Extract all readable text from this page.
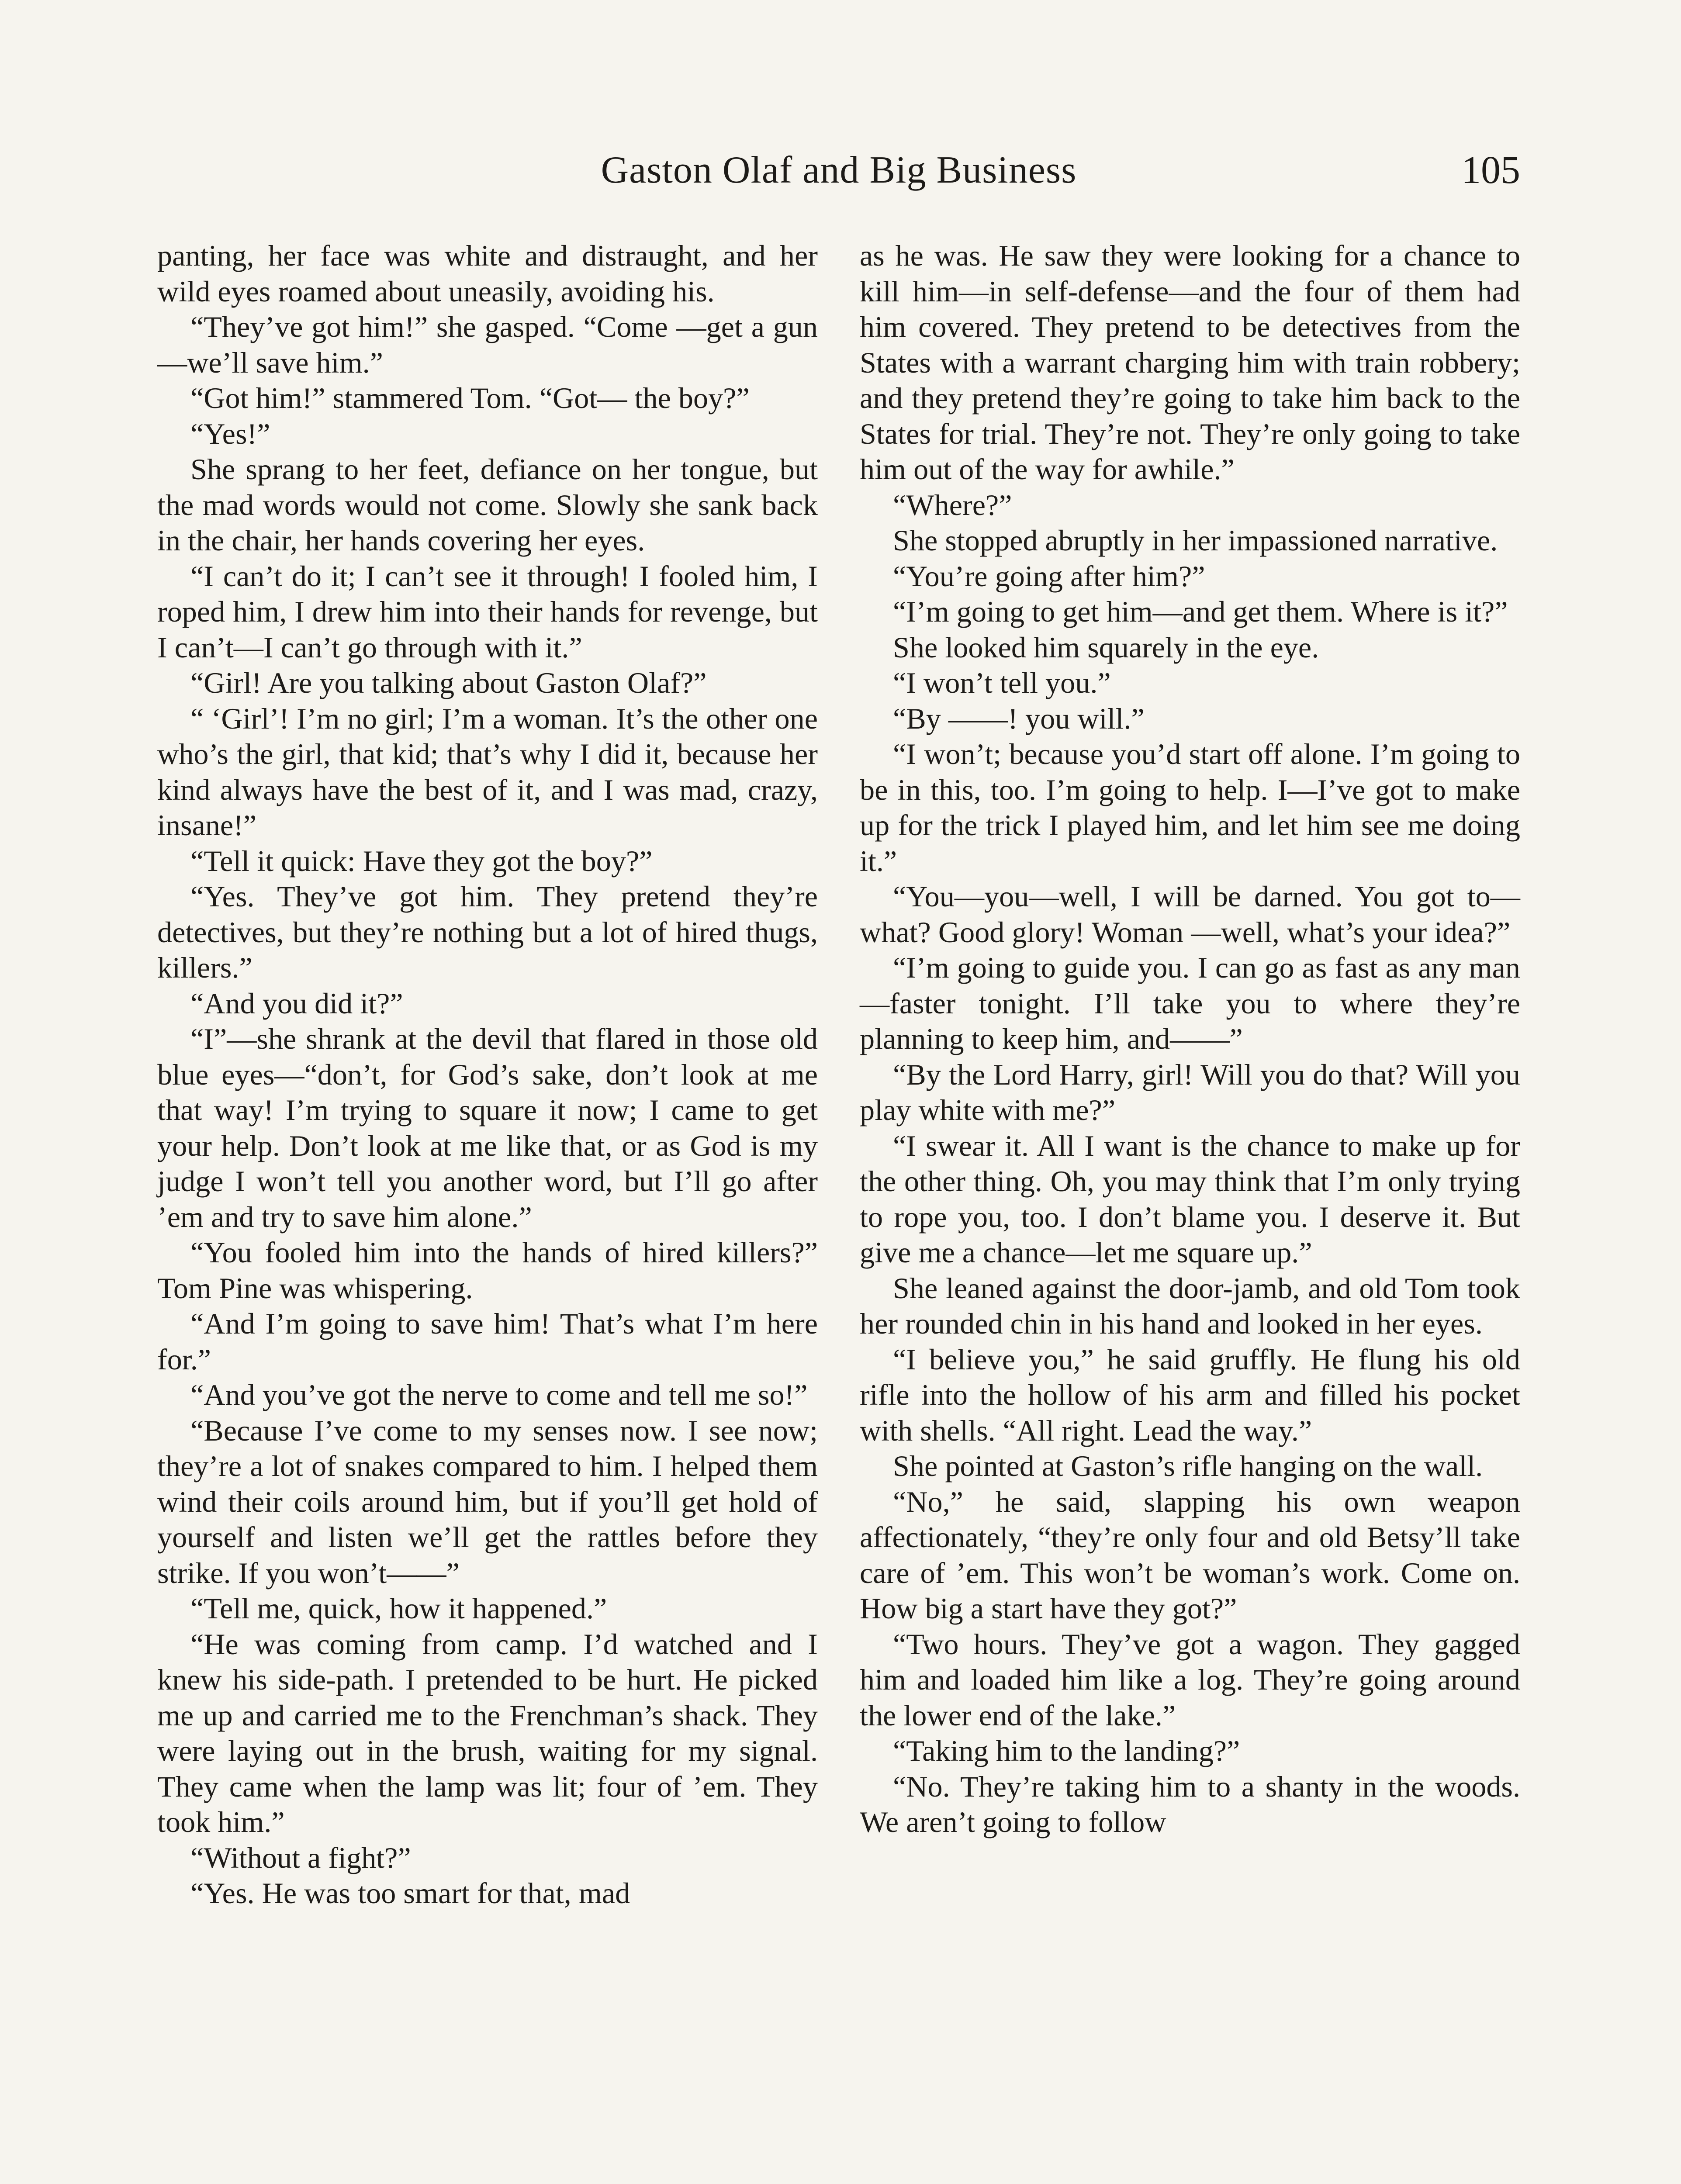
Gaston Olaf and Big Business	105

panting, her face was white and distraught, and her wild eyes roamed about uneasily, avoiding his.

“They’ve got him!” she gasped. “Come —get a gun—we’ll save him.”

“Got him!” stammered Tom. “Got— the boy?”

“Yes!”

She sprang to her feet, defiance on her tongue, but the mad words would not come. Slowly she sank back in the chair, her hands covering her eyes.

“I can’t do it; I can’t see it through! I fooled him, I roped him, I drew him into their hands for revenge, but I can’t—I can’t go through with it.”

“Girl! Are you talking about Gaston Olaf?”

“ ‘Girl’! I’m no girl; I’m a woman. It’s the other one who’s the girl, that kid; that’s why I did it, because her kind always have the best of it, and I was mad, crazy, insane!”

“Tell it quick: Have they got the boy?”

“Yes. They’ve got him. They pretend they’re detectives, but they’re nothing but a lot of hired thugs, killers.”

“And you did it?”

“I”—she shrank at the devil that flared in those old blue eyes—“don’t, for God’s sake, don’t look at me that way! I’m trying to square it now; I came to get your help. Don’t look at me like that, or as God is my judge I won’t tell you another word, but I’ll go after ’em and try to save him alone.”

“You fooled him into the hands of hired killers?” Tom Pine was whispering.

“And I’m going to save him! That’s what I’m here for.”

“And you’ve got the nerve to come and tell me so!”

“Because I’ve come to my senses now. I see now; they’re a lot of snakes compared to him. I helped them wind their coils around him, but if you’ll get hold of yourself and listen we’ll get the rattles before they strike. If you won’t——”

“Tell me, quick, how it happened.”

“He was coming from camp. I’d watched and I knew his side-path. I pretended to be hurt. He picked me up and carried me to the Frenchman’s shack. They were laying out in the brush, waiting for my signal. They came when the lamp was lit; four of ’em. They took him.”

“Without a fight?”

“Yes. He was too smart for that, mad

as he was. He saw they were looking for a chance to kill him—in self-defense—and the four of them had him covered. They pretend to be detectives from the States with a warrant charging him with train robbery; and they pretend they’re going to take him back to the States for trial. They’re not. They’re only going to take him out of the way for awhile.”

“Where?”

She stopped abruptly in her impassioned narrative.

“You’re going after him?”

“I’m going to get him—and get them. Where is it?”

She looked him squarely in the eye.

“I won’t tell you.”

“By ——! you will.”

“I won’t; because you’d start off alone. I’m going to be in this, too. I’m going to help. I—I’ve got to make up for the trick I played him, and let him see me doing it.”

“You—you—well, I will be darned. You got to—what? Good glory! Woman —well, what’s your idea?”

“I’m going to guide you. I can go as fast as any man—faster tonight. I’ll take you to where they’re planning to keep him, and——”

“By the Lord Harry, girl! Will you do that? Will you play white with me?”

“I swear it. All I want is the chance to make up for the other thing. Oh, you may think that I’m only trying to rope you, too. I don’t blame you. I deserve it. But give me a chance—let me square up.”

She leaned against the door-jamb, and old Tom took her rounded chin in his hand and looked in her eyes.

“I believe you,” he said gruffly. He flung his old rifle into the hollow of his arm and filled his pocket with shells. “All right. Lead the way.”

She pointed at Gaston’s rifle hanging on the wall.

“No,” he said, slapping his own weapon affectionately, “they’re only four and old Betsy’ll take care of ’em. This won’t be woman’s work. Come on. How big a start have they got?”

“Two hours. They’ve got a wagon. They gagged him and loaded him like a log. They’re going around the lower end of the lake.”

“Taking him to the landing?”

“No. They’re taking him to a shanty in the woods. We aren’t going to follow
